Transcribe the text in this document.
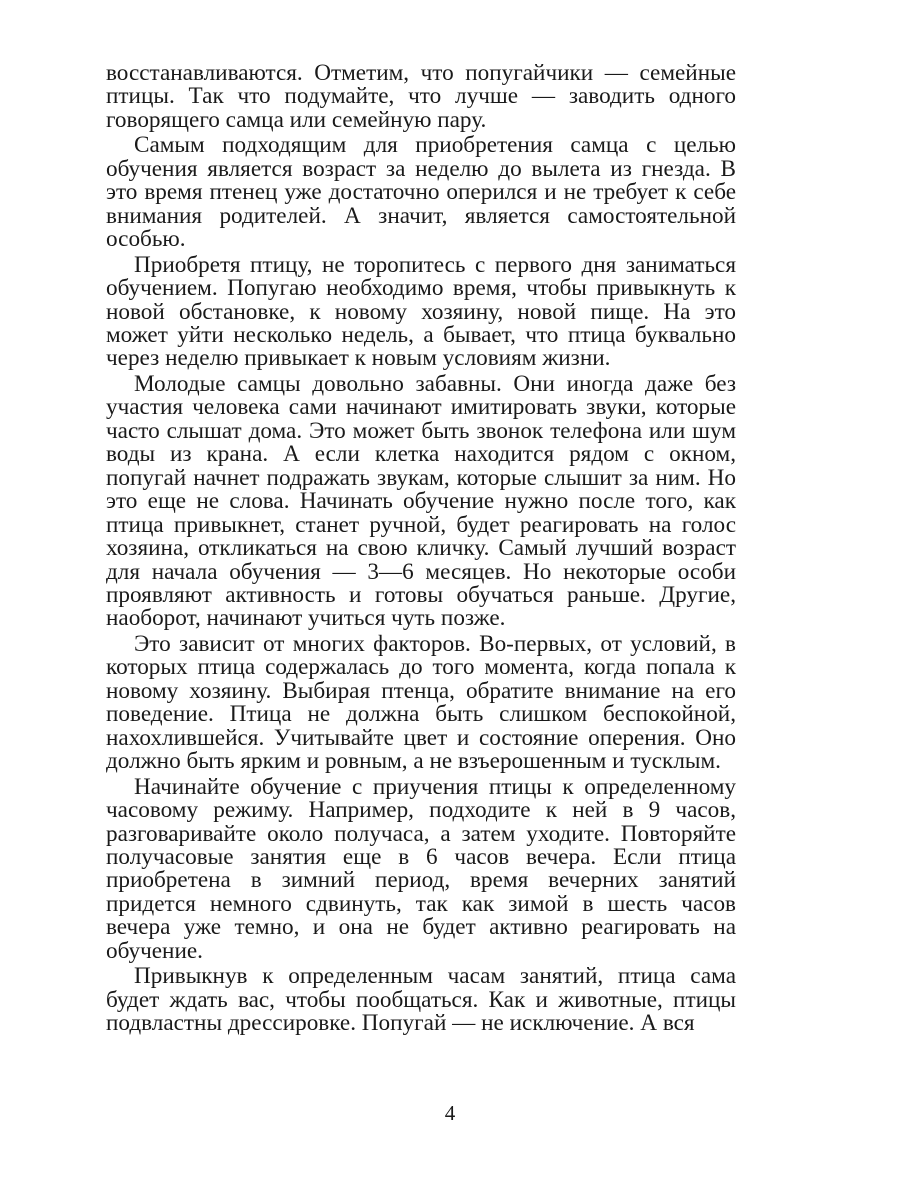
восстанавливаются. Отметим, что попугайчики — семейные птицы. Так что подумайте, что лучше — заводить одного говорящего самца или семейную пару.

Самым подходящим для приобретения самца с целью обучения является возраст за неделю до вылета из гнезда. В это время птенец уже достаточно оперился и не требует к себе внимания родителей. А значит, является самостоятельной особью.

Приобретя птицу, не торопитесь с первого дня заниматься обучением. Попугаю необходимо время, чтобы привыкнуть к новой обстановке, к новому хозяину, новой пище. На это может уйти несколько недель, а бывает, что птица буквально через неделю привыкает к новым условиям жизни.

Молодые самцы довольно забавны. Они иногда даже без участия человека сами начинают имитировать звуки, которые часто слышат дома. Это может быть звонок телефона или шум воды из крана. А если клетка находится рядом с окном, попугай начнет подражать звукам, которые слышит за ним. Но это еще не слова. Начинать обучение нужно после того, как птица привыкнет, станет ручной, будет реагировать на голос хозяина, откликаться на свою кличку. Самый лучший возраст для начала обучения — 3—6 месяцев. Но некоторые особи проявляют активность и готовы обучаться раньше. Другие, наоборот, начинают учиться чуть позже.

Это зависит от многих факторов. Во-первых, от условий, в которых птица содержалась до того момента, когда попала к новому хозяину. Выбирая птенца, обратите внимание на его поведение. Птица не должна быть слишком беспокойной, нахохлившейся. Учитывайте цвет и состояние оперения. Оно должно быть ярким и ровным, а не взъерошенным и тусклым.

Начинайте обучение с приучения птицы к определенному часовому режиму. Например, подходите к ней в 9 часов, разговаривайте около получаса, а затем уходите. Повторяйте получасовые занятия еще в 6 часов вечера. Если птица приобретена в зимний период, время вечерних занятий придется немного сдвинуть, так как зимой в шесть часов вечера уже темно, и она не будет активно реагировать на обучение.

Привыкнув к определенным часам занятий, птица сама будет ждать вас, чтобы пообщаться. Как и животные, птицы подвластны дрессировке. Попугай — не исключение. А вся

4
